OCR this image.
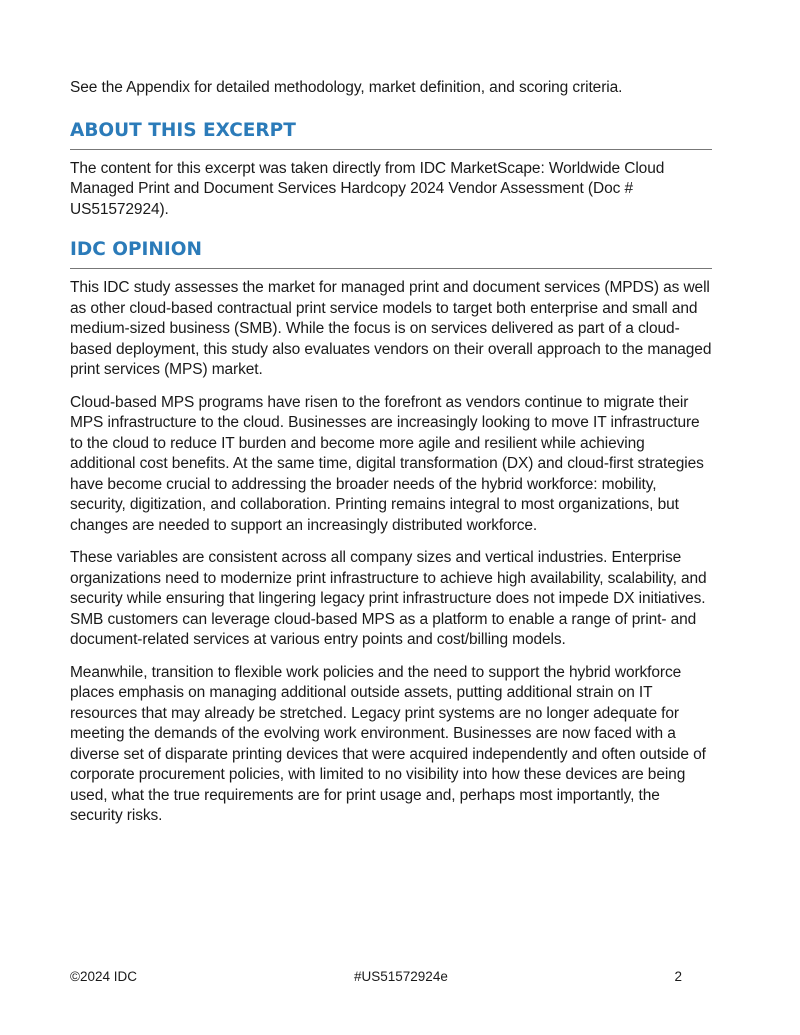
See the Appendix for detailed methodology, market definition, and scoring criteria.

ABOUT THIS EXCERPT

The content for this excerpt was taken directly from IDC MarketScape: Worldwide Cloud Managed Print and Document Services Hardcopy 2024 Vendor Assessment (Doc # US51572924).

IDC OPINION

This IDC study assesses the market for managed print and document services (MPDS) as well as other cloud-based contractual print service models to target both enterprise and small and medium-sized business (SMB). While the focus is on services delivered as part of a cloud-based deployment, this study also evaluates vendors on their overall approach to the managed print services (MPS) market.

Cloud-based MPS programs have risen to the forefront as vendors continue to migrate their MPS infrastructure to the cloud. Businesses are increasingly looking to move IT infrastructure to the cloud to reduce IT burden and become more agile and resilient while achieving additional cost benefits. At the same time, digital transformation (DX) and cloud-first strategies have become crucial to addressing the broader needs of the hybrid workforce: mobility, security, digitization, and collaboration. Printing remains integral to most organizations, but changes are needed to support an increasingly distributed workforce.

These variables are consistent across all company sizes and vertical industries. Enterprise organizations need to modernize print infrastructure to achieve high availability, scalability, and security while ensuring that lingering legacy print infrastructure does not impede DX initiatives. SMB customers can leverage cloud-based MPS as a platform to enable a range of print- and document-related services at various entry points and cost/billing models.

Meanwhile, transition to flexible work policies and the need to support the hybrid workforce places emphasis on managing additional outside assets, putting additional strain on IT resources that may already be stretched. Legacy print systems are no longer adequate for meeting the demands of the evolving work environment. Businesses are now faced with a diverse set of disparate printing devices that were acquired independently and often outside of corporate procurement policies, with limited to no visibility into how these devices are being used, what the true requirements are for print usage and, perhaps most importantly, the security risks.

©2024 IDC	#US51572924e	2
